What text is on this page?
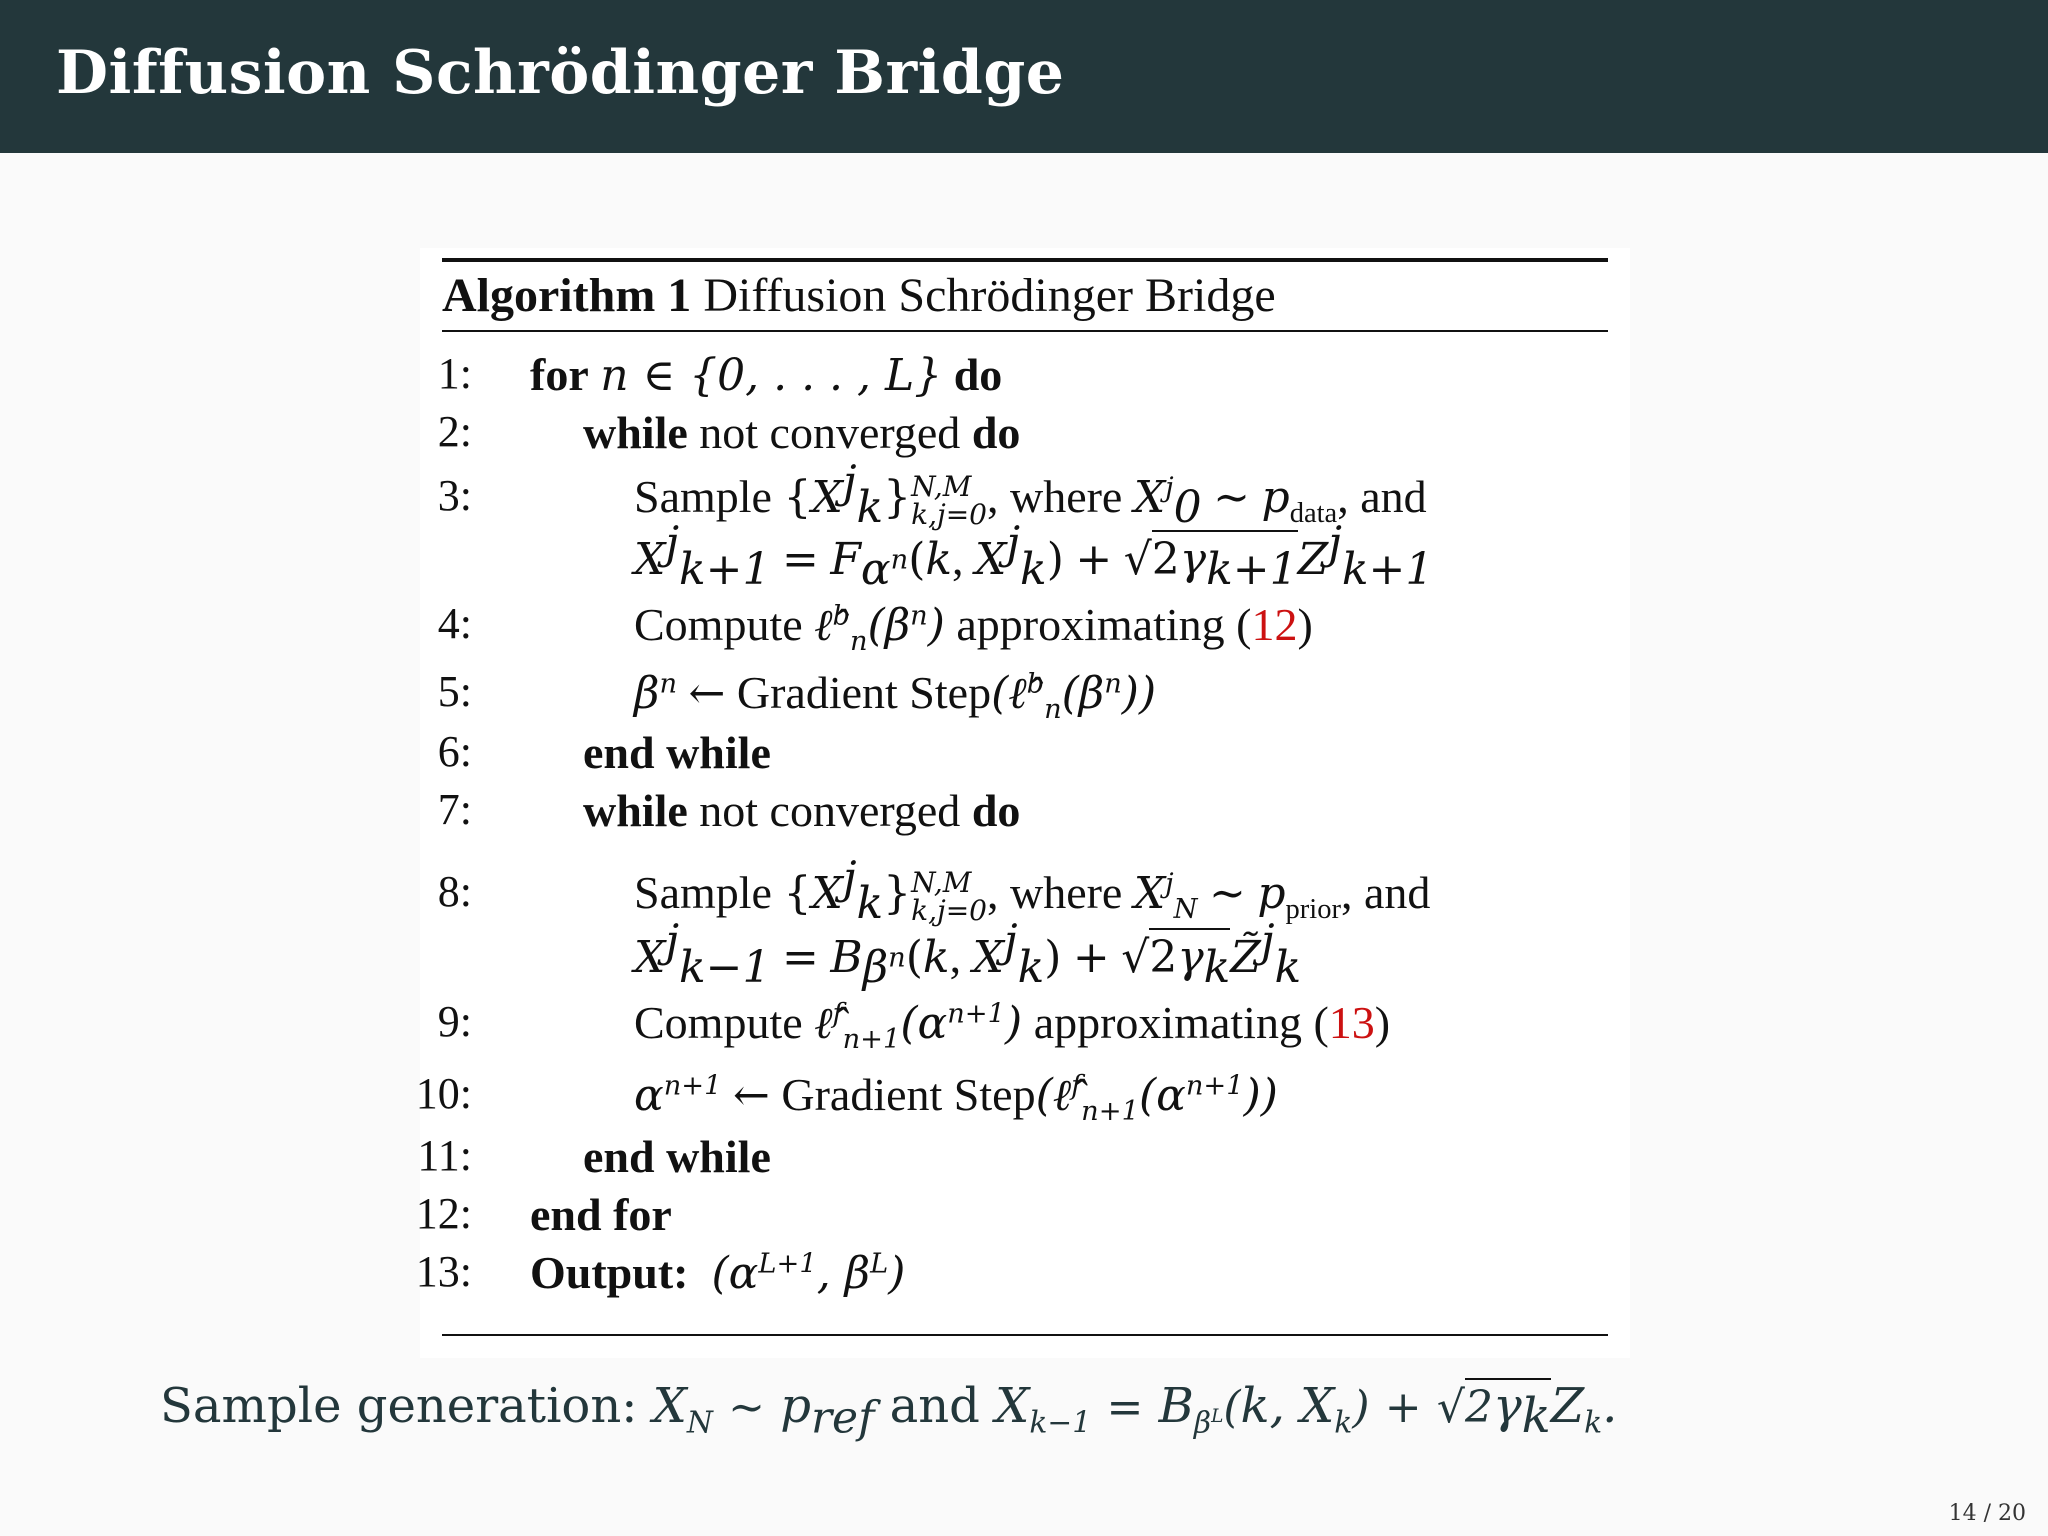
Diffusion Schrödinger Bridge
Algorithm 1 Diffusion Schrödinger Bridge
1: for n ∈ {0, . . . , L} do
2: while not converged do
3:	Sample $\{X^j_k\}$ N,M
k,j=0 , where $X^j_0$ ∼ $p_{data}$, and
$X^j_{k+1} = F_{\alpha^n}(k$, $X^j_k) + √2\gamma_{k+1}Z^j_{k+1}$
4:	Compute $\ell̂^b_n(\beta^n)$ approximating (12)
5:	$\beta^n$ ← Gradient $Step(\ell̂^b_n(\beta^n))$
6: end while
7: while not converged do
8:	Sample $\{X^j_k\}$ N,M
k,j=0 , where $X^j_N$ ∼ $p_{prior}$, and
$X^j_{k-1} = B_{\beta^n}(k$, $X^j_k$) + $√2\gamma_kZ̃^j_k$
9:	Compute $\ell̂^f_{n+1}(\alpha^{n+1})$ approximating (13)
10:	$\alpha^{n+1}$ ← Gradient $Step(\ell̂^f_{n+1}(\alpha^{n+1}))$
11: end while
12: end for
13: Output: ($\alpha^{L+1}$, $\beta^L$)
Sample generation: $X_N$ ∼ $p_{ref}$ and $X_{k-1} = B_{\beta^L}(k$, $X_k) + √2\gamma_kZ_k$.
14 / 20
